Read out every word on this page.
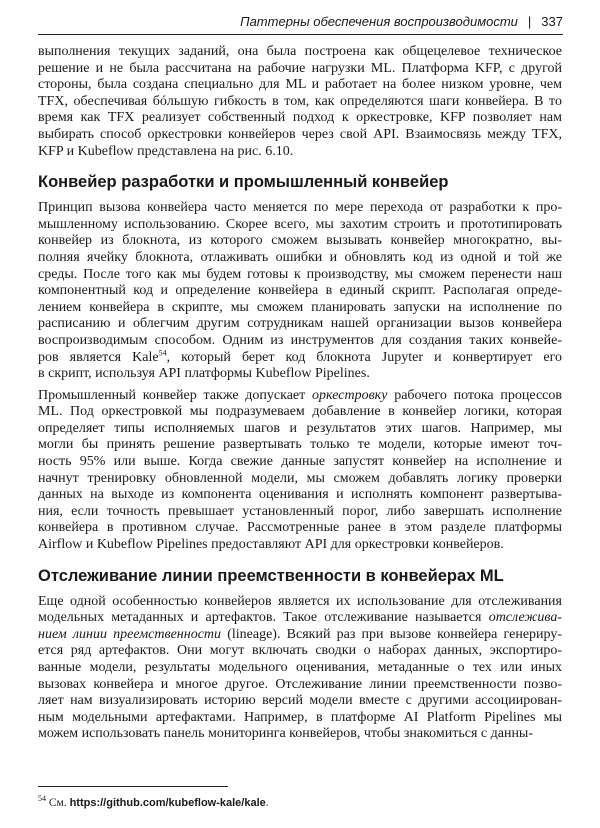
Паттерны обеспечения воспроизводимости | 337
выполнения текущих заданий, она была построена как общецелевое техническое
решение и не была рассчитана на рабочие нагрузки ML. Платформа KFP, с другой
стороны, была создана специально для ML и работает на более низком уровне, чем
TFX, обеспечивая бóльшую гибкость в том, как определяются шаги конвейера. В то
время как TFX реализует собственный подход к оркестровке, KFP позволяет нам
выбирать способ оркестровки конвейеров через свой API. Взаимосвязь между TFX,
KFP и Kubeflow представлена на рис. 6.10.
Конвейер разработки и промышленный конвейер
Принцип вызова конвейера часто меняется по мере перехода от разработки к про-
мышленному использованию. Скорее всего, мы захотим строить и прототипировать
конвейер из блокнота, из которого сможем вызывать конвейер многократно, вы-
полняя ячейку блокнота, отлаживать ошибки и обновлять код из одной и той же
среды. После того как мы будем готовы к производству, мы сможем перенести наш
компонентный код и определение конвейера в единый скрипт. Располагая опреде-
лением конвейера в скрипте, мы сможем планировать запуски на исполнение по
расписанию и облегчим другим сотрудникам нашей организации вызов конвейера
воспроизводимым способом. Одним из инструментов для создания таких конвейе-
ров является Kale$^{54}$, который берет код блокнота Jupyter и конвертирует его
в скрипт, используя API платформы Kubeflow Pipelines.
Промышленный конвейер также допускает оркестровку рабочего потока процессов
ML. Под оркестровкой мы подразумеваем добавление в конвейер логики, которая
определяет типы исполняемых шагов и результатов этих шагов. Например, мы
могли бы принять решение развертывать только те модели, которые имеют точ-
ность 95% или выше. Когда свежие данные запустят конвейер на исполнение и
начнут тренировку обновленной модели, мы сможем добавлять логику проверки
данных на выходе из компонента оценивания и исполнять компонент развертыва-
ния, если точность превышает установленный порог, либо завершать исполнение
конвейера в противном случае. Рассмотренные ранее в этом разделе платформы
Airflow и Kubeflow Pipelines предоставляют API для оркестровки конвейеров.
Отслеживание линии преемственности в конвейерах ML
Еще одной особенностью конвейеров является их использование для отслеживания
модельных метаданных и артефактов. Такое отслеживание называется отслежива-
нием линии преемственности (lineage). Всякий раз при вызове конвейера генериру-
ется ряд артефактов. Они могут включать сводки о наборах данных, экспортиро-
ванные модели, результаты модельного оценивания, метаданные о тех или иных
вызовах конвейера и многое другое. Отслеживание линии преемственности позво-
ляет нам визуализировать историю версий модели вместе с другими ассоциирован-
ным модельными артефактами. Например, в платформе AI Platform Pipelines мы
можем использовать панель мониторинга конвейеров, чтобы знакомиться с данны-
$^{54}$ См. https://github.com/kubeflow-kale/kale.
